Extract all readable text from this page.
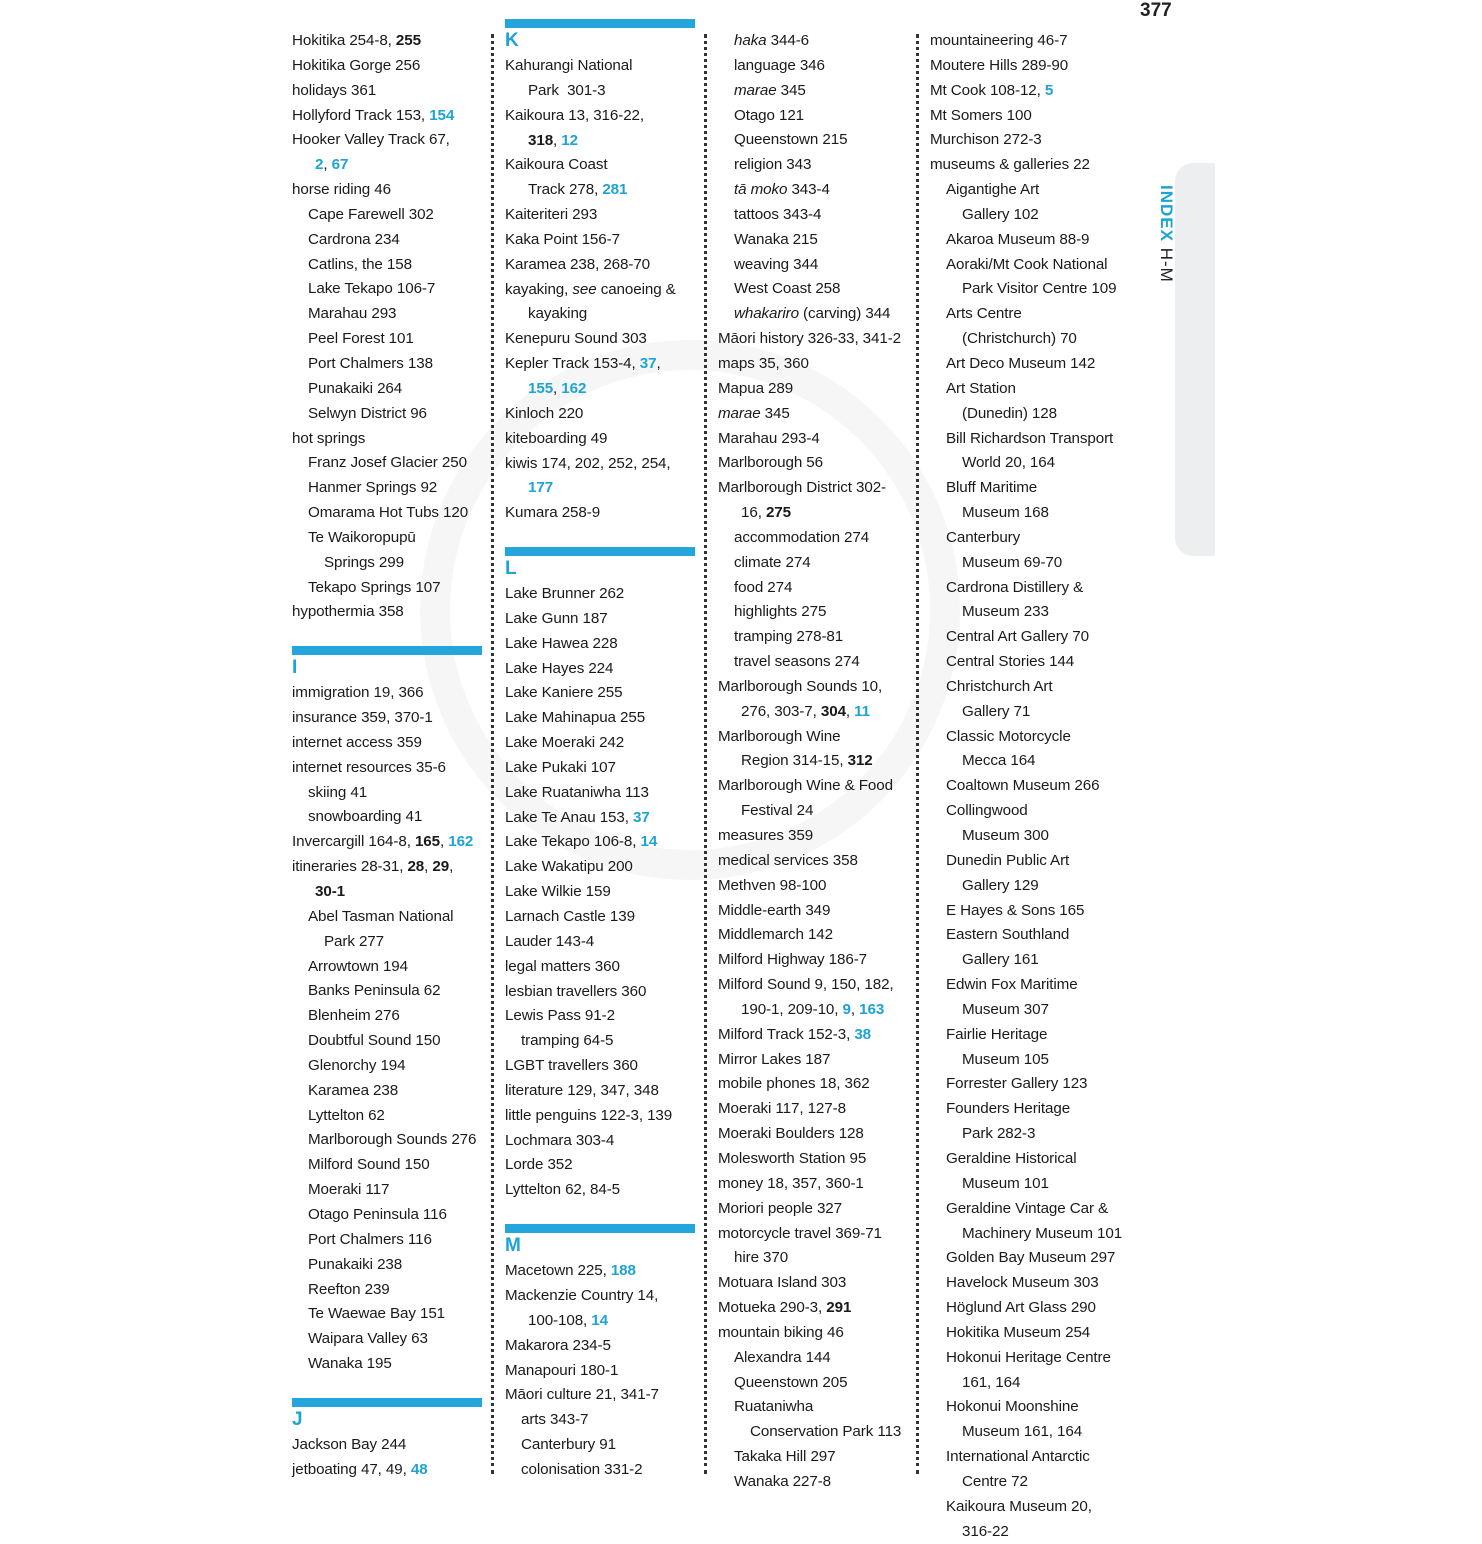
377
INDEX H-M
Hokitika 254-8, 255
Hokitika Gorge 256
holidays 361
Hollyford Track 153, 154
Hooker Valley Track 67,
2, 67
horse riding 46
Cape Farewell 302
Cardrona 234
Catlins, the 158
Lake Tekapo 106-7
Marahau 293
Peel Forest 101
Port Chalmers 138
Punakaiki 264
Selwyn District 96
hot springs
Franz Josef Glacier 250
Hanmer Springs 92
Omarama Hot Tubs 120
Te Waikoropupū
Springs 299
Tekapo Springs 107
hypothermia 358
I
immigration 19, 366
insurance 359, 370-1
internet access 359
internet resources 35-6
skiing 41
snowboarding 41
Invercargill 164-8, 165, 162
itineraries 28-31, 28, 29,
30-1
Abel Tasman National
Park 277
Arrowtown 194
Banks Peninsula 62
Blenheim 276
Doubtful Sound 150
Glenorchy 194
Karamea 238
Lyttelton 62
Marlborough Sounds 276
Milford Sound 150
Moeraki 117
Otago Peninsula 116
Port Chalmers 116
Punakaiki 238
Reefton 239
Te Waewae Bay 151
Waipara Valley 63
Wanaka 195
J
Jackson Bay 244
jetboating 47, 49, 48
K
Kahurangi National
Park  301-3
Kaikoura 13, 316-22,
318, 12
Kaikoura Coast
Track 278, 281
Kaiteriteri 293
Kaka Point 156-7
Karamea 238, 268-70
kayaking, see canoeing &
kayaking
Kenepuru Sound 303
Kepler Track 153-4, 37,
155, 162
Kinloch 220
kiteboarding 49
kiwis 174, 202, 252, 254,
177
Kumara 258-9
L
Lake Brunner 262
Lake Gunn 187
Lake Hawea 228
Lake Hayes 224
Lake Kaniere 255
Lake Mahinapua 255
Lake Moeraki 242
Lake Pukaki 107
Lake Ruataniwha 113
Lake Te Anau 153, 37
Lake Tekapo 106-8, 14
Lake Wakatipu 200
Lake Wilkie 159
Larnach Castle 139
Lauder 143-4
legal matters 360
lesbian travellers 360
Lewis Pass 91-2
tramping 64-5
LGBT travellers 360
literature 129, 347, 348
little penguins 122-3, 139
Lochmara 303-4
Lorde 352
Lyttelton 62, 84-5
M
Macetown 225, 188
Mackenzie Country 14,
100-108, 14
Makarora 234-5
Manapouri 180-1
Māori culture 21, 341-7
arts 343-7
Canterbury 91
colonisation 331-2
haka 344-6
language 346
marae 345
Otago 121
Queenstown 215
religion 343
tā moko 343-4
tattoos 343-4
Wanaka 215
weaving 344
West Coast 258
whakariro (carving) 344
Māori history 326-33, 341-2
maps 35, 360
Mapua 289
marae 345
Marahau 293-4
Marlborough 56
Marlborough District 302-
16, 275
accommodation 274
climate 274
food 274
highlights 275
tramping 278-81
travel seasons 274
Marlborough Sounds 10,
276, 303-7, 304, 11
Marlborough Wine
Region 314-15, 312
Marlborough Wine & Food
Festival 24
measures 359
medical services 358
Methven 98-100
Middle-earth 349
Middlemarch 142
Milford Highway 186-7
Milford Sound 9, 150, 182,
190-1, 209-10, 9, 163
Milford Track 152-3, 38
Mirror Lakes 187
mobile phones 18, 362
Moeraki 117, 127-8
Moeraki Boulders 128
Molesworth Station 95
money 18, 357, 360-1
Moriori people 327
motorcycle travel 369-71
hire 370
Motuara Island 303
Motueka 290-3, 291
mountain biking 46
Alexandra 144
Queenstown 205
Ruataniwha
Conservation Park 113
Takaka Hill 297
Wanaka 227-8
mountaineering 46-7
Moutere Hills 289-90
Mt Cook 108-12, 5
Mt Somers 100
Murchison 272-3
museums & galleries 22
Aigantighe Art
Gallery 102
Akaroa Museum 88-9
Aoraki/Mt Cook National
Park Visitor Centre 109
Arts Centre
(Christchurch) 70
Art Deco Museum 142
Art Station
(Dunedin) 128
Bill Richardson Transport
World 20, 164
Bluff Maritime
Museum 168
Canterbury
Museum 69-70
Cardrona Distillery &
Museum 233
Central Art Gallery 70
Central Stories 144
Christchurch Art
Gallery 71
Classic Motorcycle
Mecca 164
Coaltown Museum 266
Collingwood
Museum 300
Dunedin Public Art
Gallery 129
E Hayes & Sons 165
Eastern Southland
Gallery 161
Edwin Fox Maritime
Museum 307
Fairlie Heritage
Museum 105
Forrester Gallery 123
Founders Heritage
Park 282-3
Geraldine Historical
Museum 101
Geraldine Vintage Car &
Machinery Museum 101
Golden Bay Museum 297
Havelock Museum 303
Höglund Art Glass 290
Hokitika Museum 254
Hokonui Heritage Centre
161, 164
Hokonui Moonshine
Museum 161, 164
International Antarctic
Centre 72
Kaikoura Museum 20,
316-22
